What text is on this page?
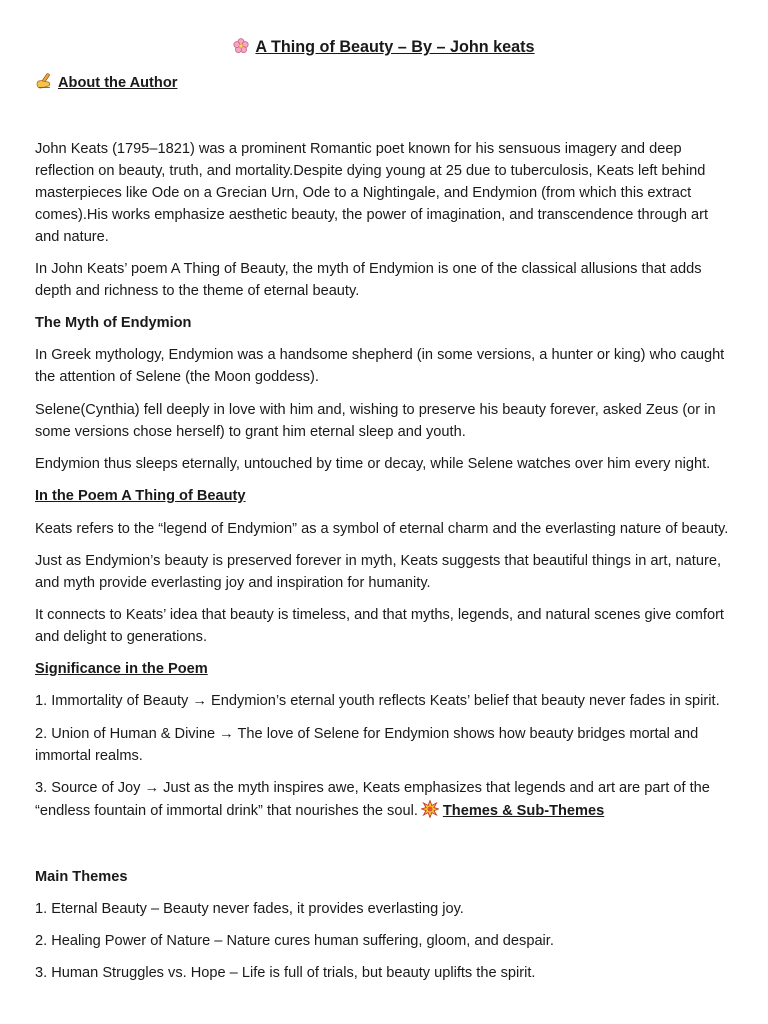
A Thing of Beauty – By – John keats
About the Author

John Keats (1795–1821) was a prominent Romantic poet known for his sensuous imagery and deep reflection on beauty, truth, and mortality.Despite dying young at 25 due to tuberculosis, Keats left behind masterpieces like Ode on a Grecian Urn, Ode to a Nightingale, and Endymion (from which this extract comes).His works emphasize aesthetic beauty, the power of imagination, and transcendence through art and nature.

In John Keats’ poem A Thing of Beauty, the myth of Endymion is one of the classical allusions that adds depth and richness to the theme of eternal beauty.

The Myth of Endymion

In Greek mythology, Endymion was a handsome shepherd (in some versions, a hunter or king) who caught the attention of Selene (the Moon goddess).

Selene(Cynthia) fell deeply in love with him and, wishing to preserve his beauty forever, asked Zeus (or in some versions chose herself) to grant him eternal sleep and youth.

Endymion thus sleeps eternally, untouched by time or decay, while Selene watches over him every night.

In the Poem A Thing of Beauty

Keats refers to the “legend of Endymion” as a symbol of eternal charm and the everlasting nature of beauty.

Just as Endymion’s beauty is preserved forever in myth, Keats suggests that beautiful things in art, nature, and myth provide everlasting joy and inspiration for humanity.

It connects to Keats’ idea that beauty is timeless, and that myths, legends, and natural scenes give comfort and delight to generations.

Significance in the Poem

1. Immortality of Beauty → Endymion’s eternal youth reflects Keats’ belief that beauty never fades in spirit.

2. Union of Human & Divine → The love of Selene for Endymion shows how beauty bridges mortal and immortal realms.

3. Source of Joy → Just as the myth inspires awe, Keats emphasizes that legends and art are part of the “endless fountain of immortal drink” that nourishes the soul. Themes & Sub-Themes

Main Themes

1. Eternal Beauty – Beauty never fades, it provides everlasting joy.

2. Healing Power of Nature – Nature cures human suffering, gloom, and despair.

3. Human Struggles vs. Hope – Life is full of trials, but beauty uplifts the spirit.
